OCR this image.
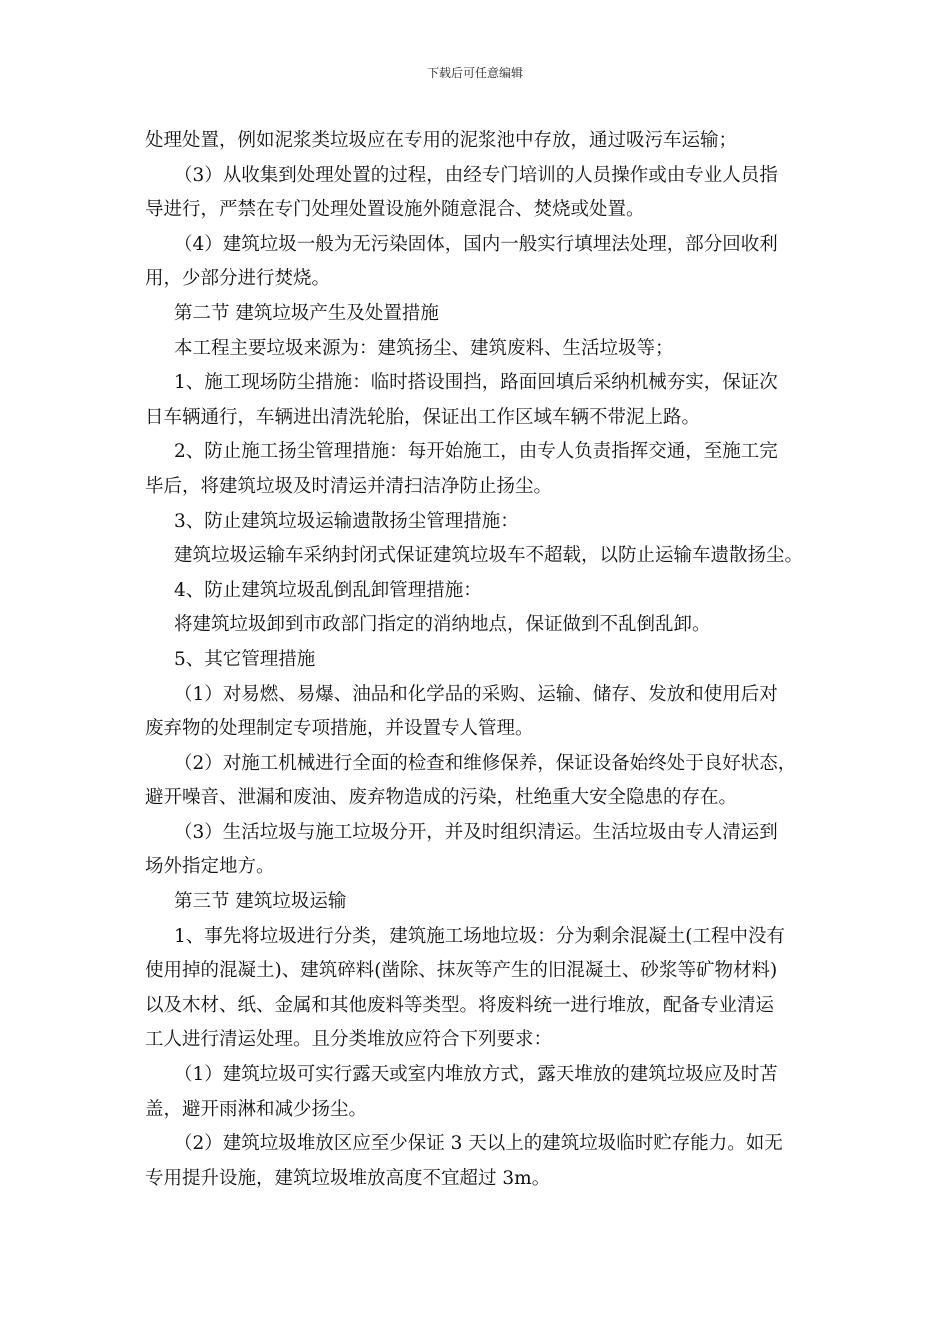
下载后可任意编辑

处理处置，例如泥浆类垃圾应在专用的泥浆池中存放，通过吸污车运输；

（3）从收集到处理处置的过程，由经专门培训的人员操作或由专业人员指

导进行，严禁在专门处理处置设施外随意混合、焚烧或处置。

（4）建筑垃圾一般为无污染固体，国内一般实行填埋法处理，部分回收利

用，少部分进行焚烧。

第二节 建筑垃圾产生及处置措施

本工程主要垃圾来源为：建筑扬尘、建筑废料、生活垃圾等；

1、施工现场防尘措施：临时搭设围挡，路面回填后采纳机械夯实，保证次

日车辆通行，车辆进出清洗轮胎，保证出工作区域车辆不带泥上路。

2、防止施工扬尘管理措施：每开始施工，由专人负责指挥交通，至施工完

毕后，将建筑垃圾及时清运并清扫洁净防止扬尘。

3、防止建筑垃圾运输遗散扬尘管理措施：

建筑垃圾运输车采纳封闭式保证建筑垃圾车不超载，以防止运输车遗散扬尘。

4、防止建筑垃圾乱倒乱卸管理措施：

将建筑垃圾卸到市政部门指定的消纳地点，保证做到不乱倒乱卸。

5、其它管理措施

（1）对易燃、易爆、油品和化学品的采购、运输、储存、发放和使用后对

废弃物的处理制定专项措施，并设置专人管理。

（2）对施工机械进行全面的检查和维修保养，保证设备始终处于良好状态，

避开噪音、泄漏和废油、废弃物造成的污染，杜绝重大安全隐患的存在。

（3）生活垃圾与施工垃圾分开，并及时组织清运。生活垃圾由专人清运到

场外指定地方。

第三节 建筑垃圾运输

1、事先将垃圾进行分类，建筑施工场地垃圾：分为剩余混凝土(工程中没有

使用掉的混凝土)、建筑碎料(凿除、抹灰等产生的旧混凝土、砂浆等矿物材料)

以及木材、纸、金属和其他废料等类型。将废料统一进行堆放，配备专业清运

工人进行清运处理。且分类堆放应符合下列要求：

（1）建筑垃圾可实行露天或室内堆放方式，露天堆放的建筑垃圾应及时苫

盖，避开雨淋和减少扬尘。

（2）建筑垃圾堆放区应至少保证 3 天以上的建筑垃圾临时贮存能力。如无

专用提升设施，建筑垃圾堆放高度不宜超过 3m。
